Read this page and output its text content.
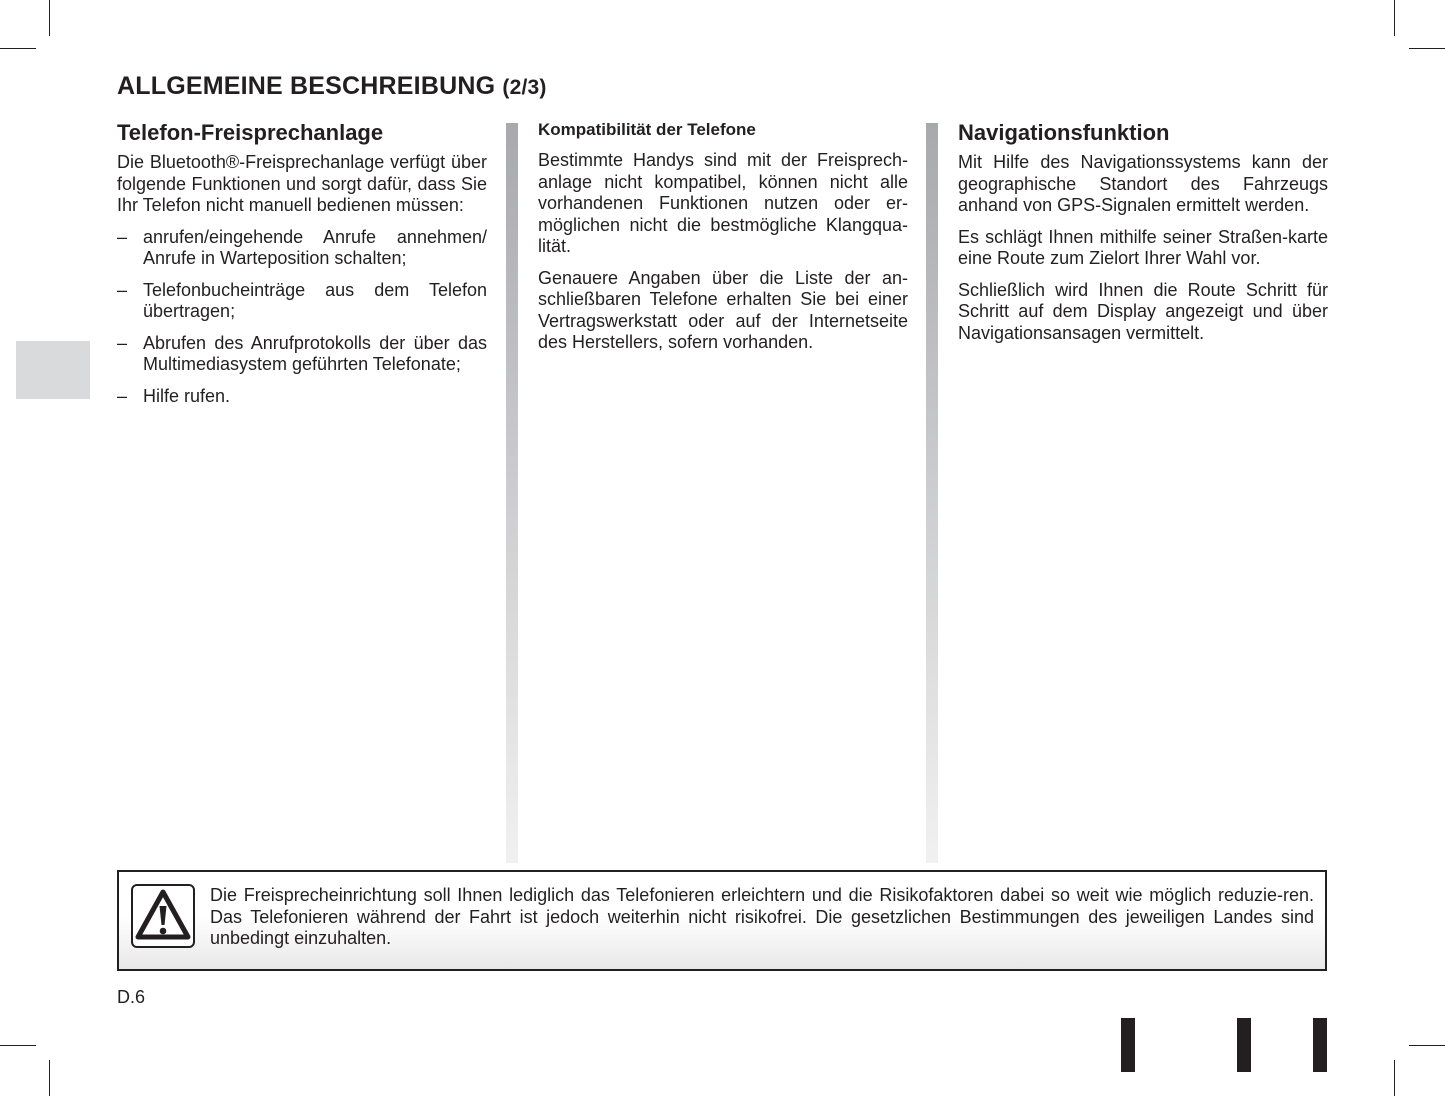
ALLGEMEINE BESCHREIBUNG (2/3)
Telefon-Freisprechanlage

Die Bluetooth®-Freisprechanlage verfügt über folgende Funktionen und sorgt dafür, dass Sie Ihr Telefon nicht manuell bedienen müssen:

– anrufen/eingehende Anrufe annehmen/ Anrufe in Warteposition schalten;
– Telefonbucheinträge aus dem Telefon übertragen;
– Abrufen des Anrufprotokolls der über das Multimediasystem geführten Telefonate;
– Hilfe rufen.
Kompatibilität der Telefone

Bestimmte Handys sind mit der Freisprech-anlage nicht kompatibel, können nicht alle vorhandenen Funktionen nutzen oder er-möglichen nicht die bestmögliche Klangqua-lität.

Genauere Angaben über die Liste der an-schließbaren Telefone erhalten Sie bei einer Vertragswerkstatt oder auf der Internetseite des Herstellers, sofern vorhanden.

Navigationsfunktion

Mit Hilfe des Navigationssystems kann der geographische Standort des Fahrzeugs anhand von GPS-Signalen ermittelt werden.

Es schlägt Ihnen mithilfe seiner Straßen-karte eine Route zum Zielort Ihrer Wahl vor.

Schließlich wird Ihnen die Route Schritt für Schritt auf dem Display angezeigt und über Navigationsansagen vermittelt.

Die Freisprecheinrichtung soll Ihnen lediglich das Telefonieren erleichtern und die Risikofaktoren dabei so weit wie möglich reduzie-ren. Das Telefonieren während der Fahrt ist jedoch weiterhin nicht risikofrei. Die gesetzlichen Bestimmungen des jeweiligen Landes sind unbedingt einzuhalten.

D.6
